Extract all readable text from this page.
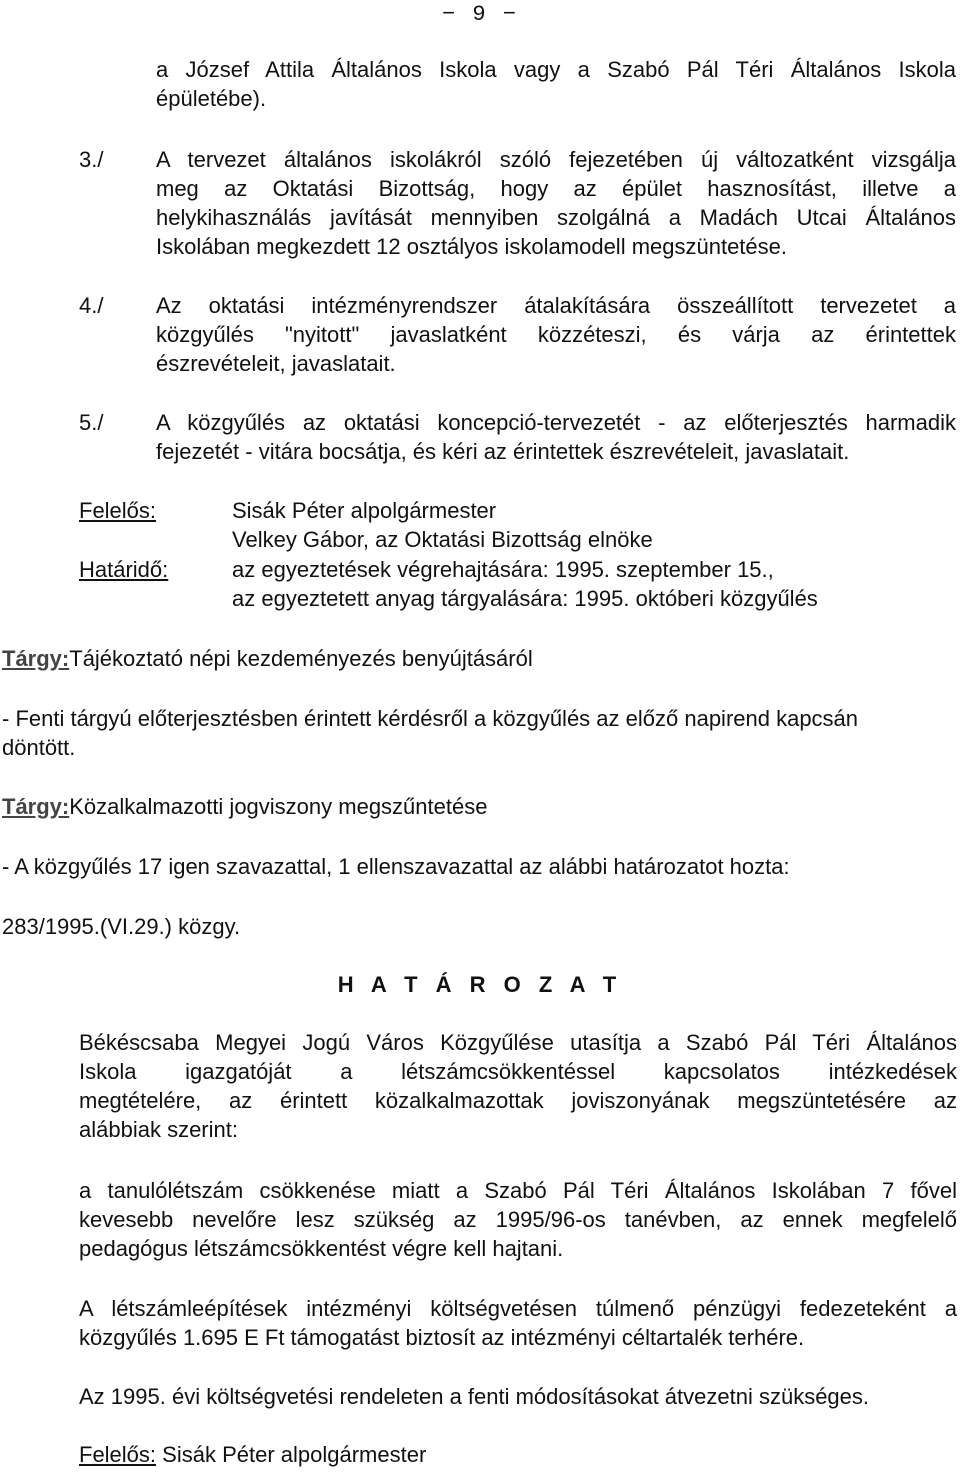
− 9 −

a József Attila Általános Iskola vagy a Szabó Pál Téri Általános Iskola

épületébe).

3./ A tervezet általános iskolákról szóló fejezetében új változatként vizsgálja

meg az Oktatási Bizottság, hogy az épület hasznosítást, illetve a

helykihasználás javítását mennyiben szolgálná a Madách Utcai Általános

Iskolában megkezdett 12 osztályos iskolamodell megszüntetése.

4./ Az oktatási intézményrendszer átalakítására összeállított tervezetet a

közgyűlés "nyitott" javaslatként közzéteszi, és várja az érintettek

észrevételeit, javaslatait.

5./ A közgyűlés az oktatási koncepció-tervezetét - az előterjesztés harmadik

fejezetét - vitára bocsátja, és kéri az érintettek észrevételeit, javaslatait.

Felelős:	Sisák Péter alpolgármester
Velkey Gábor, az Oktatási Bizottság elnöke
Határidő:	az egyeztetések végrehajtására: 1995. szeptember 15.,
az egyeztetett anyag tárgyalására: 1995. októberi közgyűlés
Tárgy:Tájékoztató népi kezdeményezés benyújtásáról
- Fenti tárgyú előterjesztésben érintett kérdésről a közgyűlés az előző napirend kapcsán
döntött.
Tárgy:Közalkalmazotti jogviszony megszűntetése
- A közgyűlés 17 igen szavazattal, 1 ellenszavazattal az alábbi határozatot hozta:
283/1995.(VI.29.) közgy.
H A T Á R O Z A T
Békéscsaba Megyei Jogú Város Közgyűlése utasítja a Szabó Pál Téri Általános
Iskola igazgatóját a létszámcsökkentéssel kapcsolatos intézkedések
megtételére, az érintett közalkalmazottak joviszonyának megszüntetésére az
alábbiak szerint:
a tanulólétszám csökkenése miatt a Szabó Pál Téri Általános Iskolában 7 fővel
kevesebb nevelőre lesz szükség az 1995/96-os tanévben, az ennek megfelelő
pedagógus létszámcsökkentést végre kell hajtani.
A létszámleépítések intézményi költségvetésen túlmenő pénzügyi fedezeteként a
közgyűlés 1.695 E Ft támogatást biztosít az intézményi céltartalék terhére.
Az 1995. évi költségvetési rendeleten a fenti módosításokat átvezetni szükséges.
Felelős: Sisák Péter alpolgármester
